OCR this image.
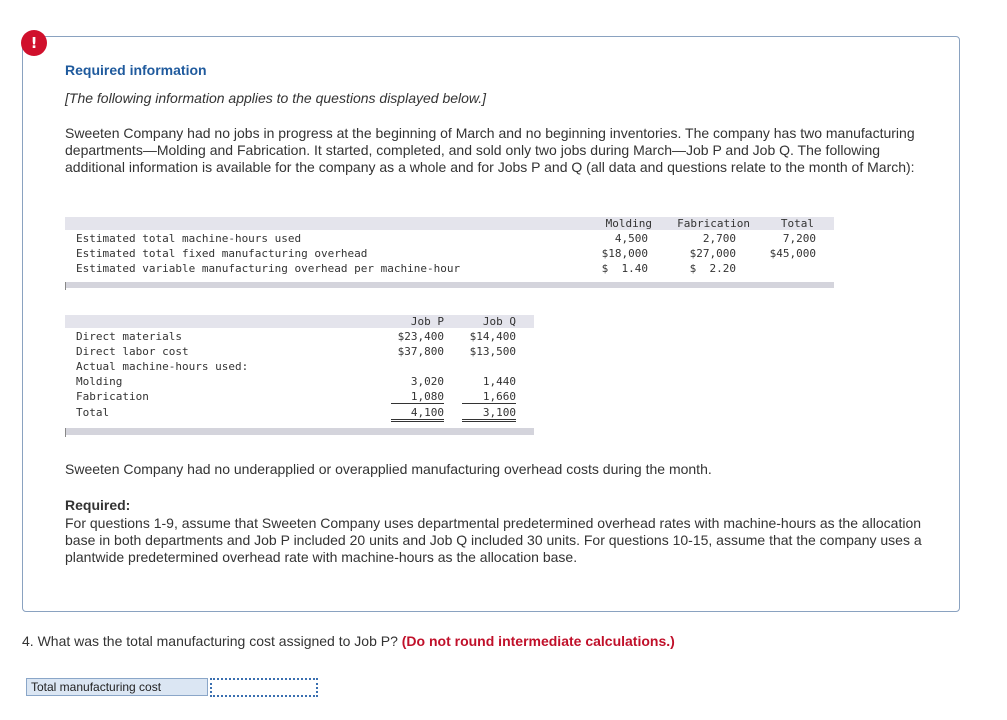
!
Required information
[The following information applies to the questions displayed below.]
Sweeten Company had no jobs in progress at the beginning of March and no beginning inventories. The company has two manufacturing departments—Molding and Fabrication. It started, completed, and sold only two jobs during March—Job P and Job Q. The following additional information is available for the company as a whole and for Jobs P and Q (all data and questions relate to the month of March):
Molding	Fabrication	Total
Estimated total machine-hours used	4,500	2,700	7,200
Estimated total fixed manufacturing overhead	$18,000	$27,000	$45,000
Estimated variable manufacturing overhead per machine-hour	$  1.40	$  2.20
Job P	Job Q
Direct materials	$23,400	$14,400
Direct labor cost	$37,800	$13,500
Actual machine-hours used:
Molding	3,020	1,440
Fabrication	1,080	1,660
Total	4,100	3,100
Sweeten Company had no underapplied or overapplied manufacturing overhead costs during the month.
Required:
For questions 1-9, assume that Sweeten Company uses departmental predetermined overhead rates with machine-hours as the allocation base in both departments and Job P included 20 units and Job Q included 30 units. For questions 10-15, assume that the company uses a plantwide predetermined overhead rate with machine-hours as the allocation base.
4. What was the total manufacturing cost assigned to Job P? (Do not round intermediate calculations.)
Total manufacturing cost
